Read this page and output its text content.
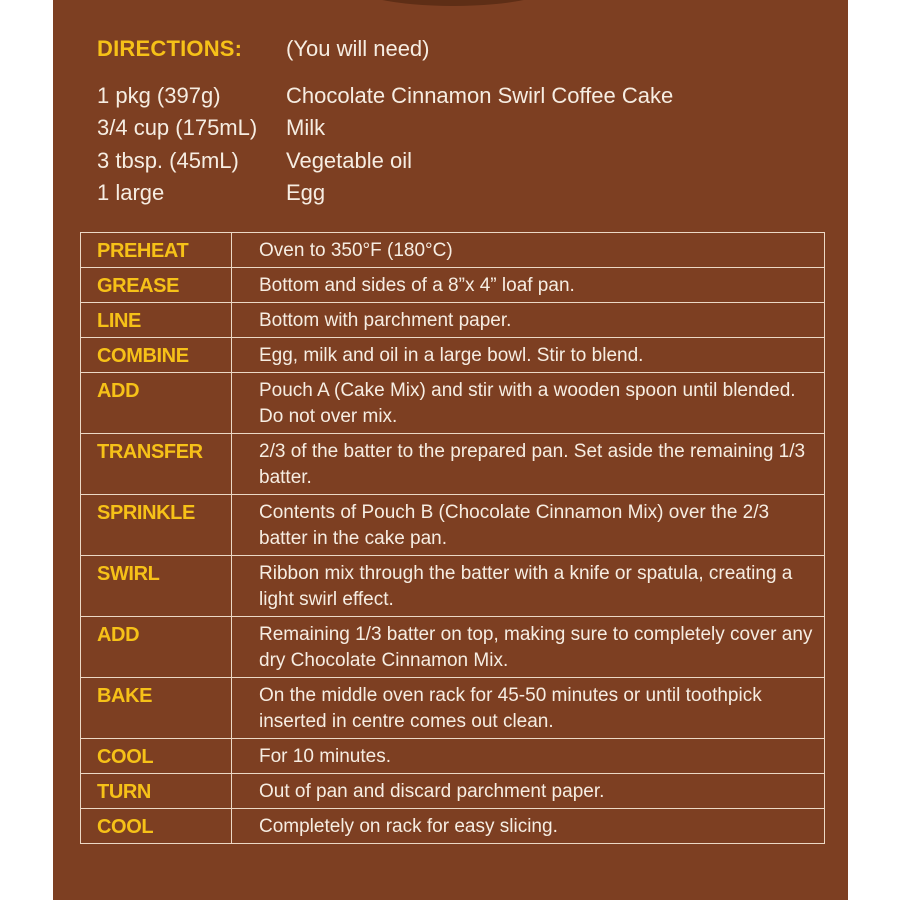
DIRECTIONS: (You will need)
1 pkg (397g)	Chocolate Cinnamon Swirl Coffee Cake
3/4 cup (175mL) Milk
3 tbsp. (45mL) Vegetable oil
1 large	Egg
PREHEAT	Oven to 350°F (180°C)
GREASE	Bottom and sides of a 8”x 4” loaf pan.
LINE	Bottom with parchment paper.
COMBINE	Egg, milk and oil in a large bowl. Stir to blend.
ADD	Pouch A (Cake Mix) and stir with a wooden spoon until blended. Do not over mix.
TRANSFER	2/3 of the batter to the prepared pan. Set aside the remaining 1/3 batter.
SPRINKLE	Contents of Pouch B (Chocolate Cinnamon Mix) over the 2/3 batter in the cake pan.
SWIRL	Ribbon mix through the batter with a knife or spatula, creating a light swirl effect.
ADD	Remaining 1/3 batter on top, making sure to completely cover any dry Chocolate Cinnamon Mix.
BAKE	On the middle oven rack for 45-50 minutes or until toothpick inserted in centre comes out clean.
COOL	For 10 minutes.
TURN	Out of pan and discard parchment paper.
COOL	Completely on rack for easy slicing.
